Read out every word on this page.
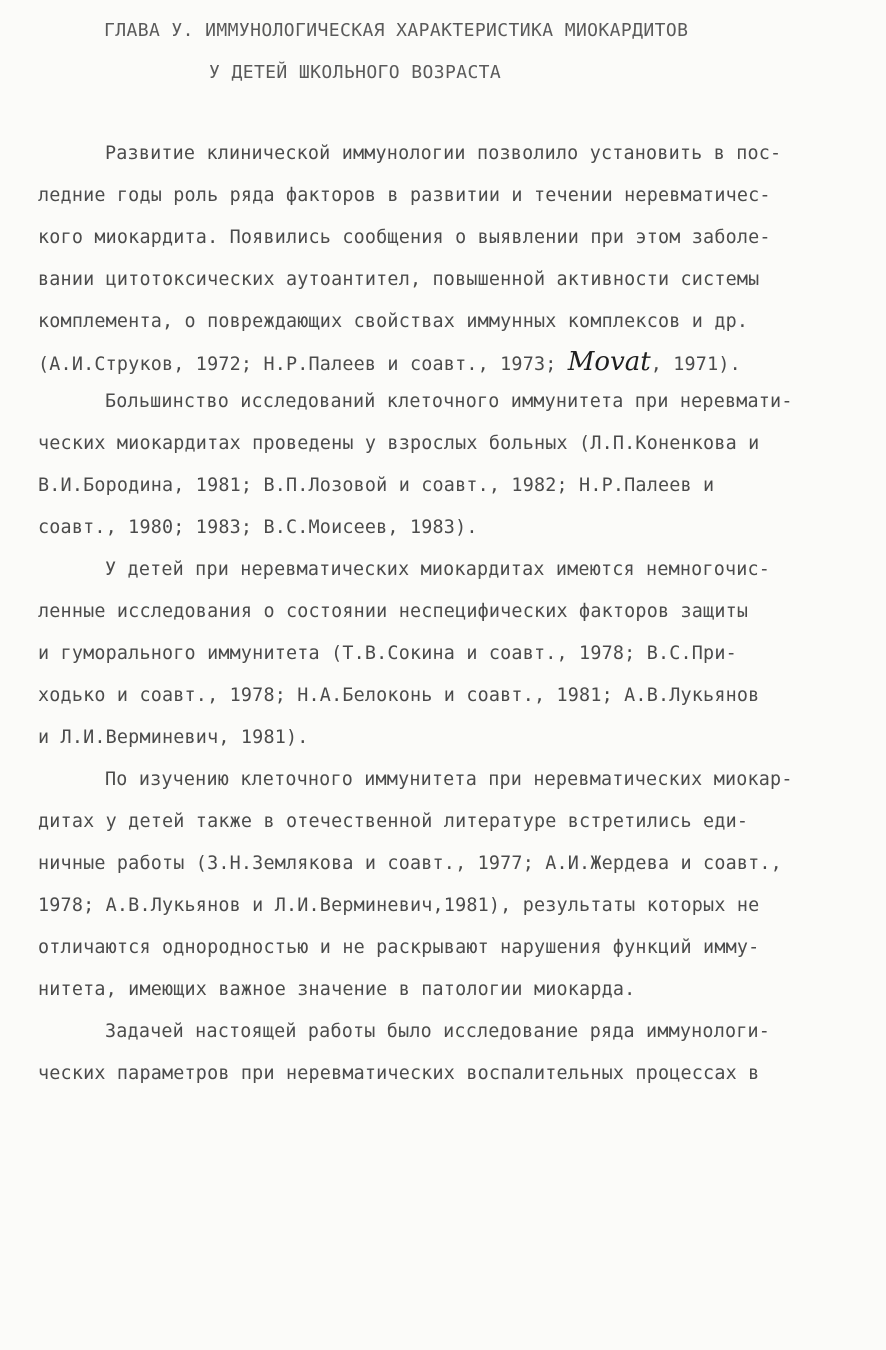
ГЛАВА У. ИММУНОЛОГИЧЕСКАЯ ХАРАКТЕРИСТИКА МИОКАРДИТОВ
У ДЕТЕЙ ШКОЛЬНОГО ВОЗРАСТА
Развитие клинической иммунологии позволило установить в пос-
ледние годы роль ряда факторов в развитии и течении неревматичес-
кого миокардита. Появились сообщения о выявлении при этом заболе-
вании цитотоксических аутоантител, повышенной активности системы
комплемента, о повреждающих свойствах иммунных комплексов и др.
(А.И.Струков, 1972; Н.Р.Палеев и соавт., 1973; Movat, 1971).
Большинство исследований клеточного иммунитета при неревмати-
ческих миокардитах проведены у взрослых больных (Л.П.Коненкова и
В.И.Бородина, 1981; В.П.Лозовой и соавт., 1982; Н.Р.Палеев и
соавт., 1980; 1983; В.С.Моисеев, 1983).
У детей при неревматических миокардитах имеются немногочис-
ленные исследования о состоянии неспецифических факторов защиты
и гуморального иммунитета (Т.В.Сокина и соавт., 1978; В.С.При-
ходько и соавт., 1978; Н.А.Белоконь и соавт., 1981; А.В.Лукьянов
и Л.И.Верминевич, 1981).
По изучению клеточного иммунитета при неревматических миокар-
дитах у детей также в отечественной литературе встретились еди-
ничные работы (З.Н.Землякова и соавт., 1977; А.И.Жердева и соавт.,
1978; А.В.Лукьянов и Л.И.Верминевич,1981), результаты которых не
отличаются однородностью и не раскрывают нарушения функций имму-
нитета, имеющих важное значение в патологии миокарда.
Задачей настоящей работы было исследование ряда иммунологи-
ческих параметров при неревматических воспалительных процессах в
